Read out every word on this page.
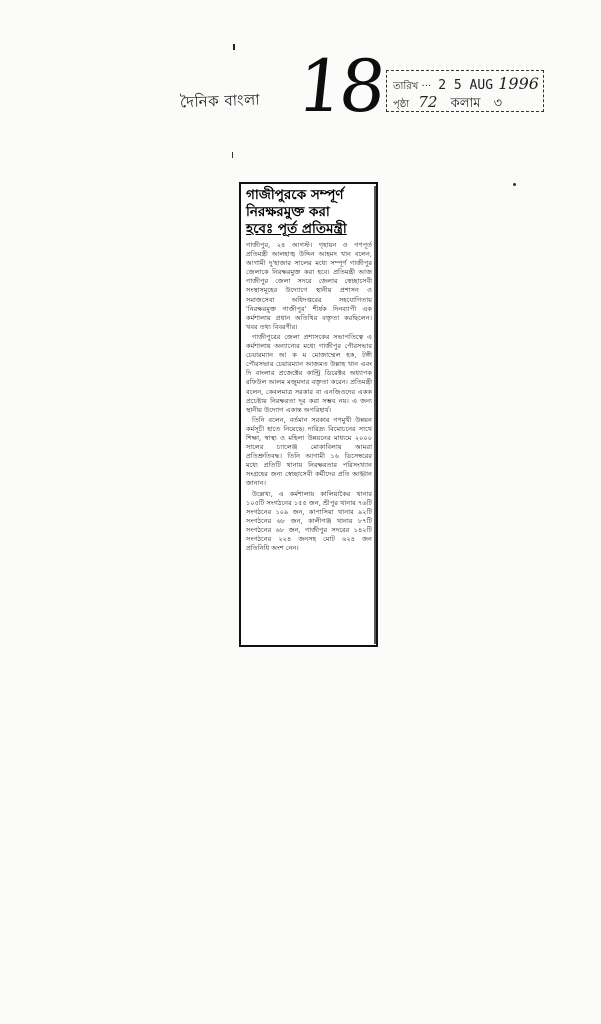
দৈনিক বাংলা 18 তারিখ ··· 2 5 AUG 1996
পৃষ্ঠা 72 কলাম ৩
গাজীপুরকে সম্পূর্ণ
নিরক্ষরমুক্ত করা
হবেঃ পূর্ত প্রতিমন্ত্রী

গাজীপুর, ২৪ আগস্ট। গৃহায়ন ও গণপূর্ত প্রতিমন্ত্রী আলহাজ্ব উদ্দিন আহমদ খান বলেন, আগামী দু'হাজার সালের মধ্যে সম্পূর্ণ গাজীপুর জেলাকে নিরক্ষরমুক্ত করা হবে। প্রতিমন্ত্রী আজ গাজীপুর জেলা সদরে জেলার স্বেচ্ছাসেবী সংস্থাসমূহের উদ্যোগে স্থানীয় প্রশাসন ও সমাজসেবা অধিদপ্তরের সহযোগিতায় 'নিরক্ষরমুক্ত গাজীপুর' শীর্ষক দিনব্যাপী এক কর্মশালায় প্রধান অতিথির বক্তৃতা করছিলেন। খবর তথ্য বিবরণীর।

গাজীপুরের জেলা প্রশাসকের সভাপতিত্বে এ কর্মশালায় অন্যান্যের মধ্যে গাজীপুর পৌরসভার চেয়ারম্যান আ ক ম মোজাম্মেল হক, টঙ্গী পৌরসভার চেয়ারম্যান আজমত উল্লাহ খান এবং দি বাংলার প্রজেক্টের কান্ট্রি ডিরেক্টর অধ্যাপক রফিউল আলম মজুমদার বক্তৃতা করেন। প্রতিমন্ত্রী বলেন, কেবলমাত্র সরকার বা এনজিওদের একক প্রচেষ্টায় নিরক্ষরতা দূর করা সম্ভব নয়। এ জন্য স্থানীয় উদ্যোগ একান্ত অপরিহার্য।

তিনি বলেন, বর্তমান সরকার গণমুখী উন্নয়ন কর্মসূচী হাতে নিয়েছে। দারিদ্র্য বিমোচনের সাথে শিক্ষা, স্বাস্থ্য ও মহিলা উন্নয়নের মাধ্যমে ২০০০ সালের চ্যালেঞ্জ মোকাবিলায় আমরা প্রতিশ্রুতিবদ্ধ। তিনি আগামী ১৬ ডিসেম্বরের মধ্যে প্রতিটি থানায় নিরক্ষরতার পরিসংখ্যান সংগ্রহের জন্য স্বেচ্ছাসেবী কর্মীদের প্রতি আহ্বান জানান।

উল্লেখ্য, এ কর্মশালায় কালিয়াকৈর থানার ১০৫টি সংগঠনের ১৫৫ জন, শ্রীপুর থানার ৭৬টি সংগঠনের ১০৯ জন, কাপাসিয়া থানার ৯২টি সংগঠনের ৬৮ জন, কালীগঞ্জ থানার ৮৭টি সংগঠনের ৬৮ জন, গাজীপুর সদরের ১৪২টি সংগঠনের ২২৪ জনসহ মোট ৬২৪ জন প্রতিনিধি অংশ নেন।
